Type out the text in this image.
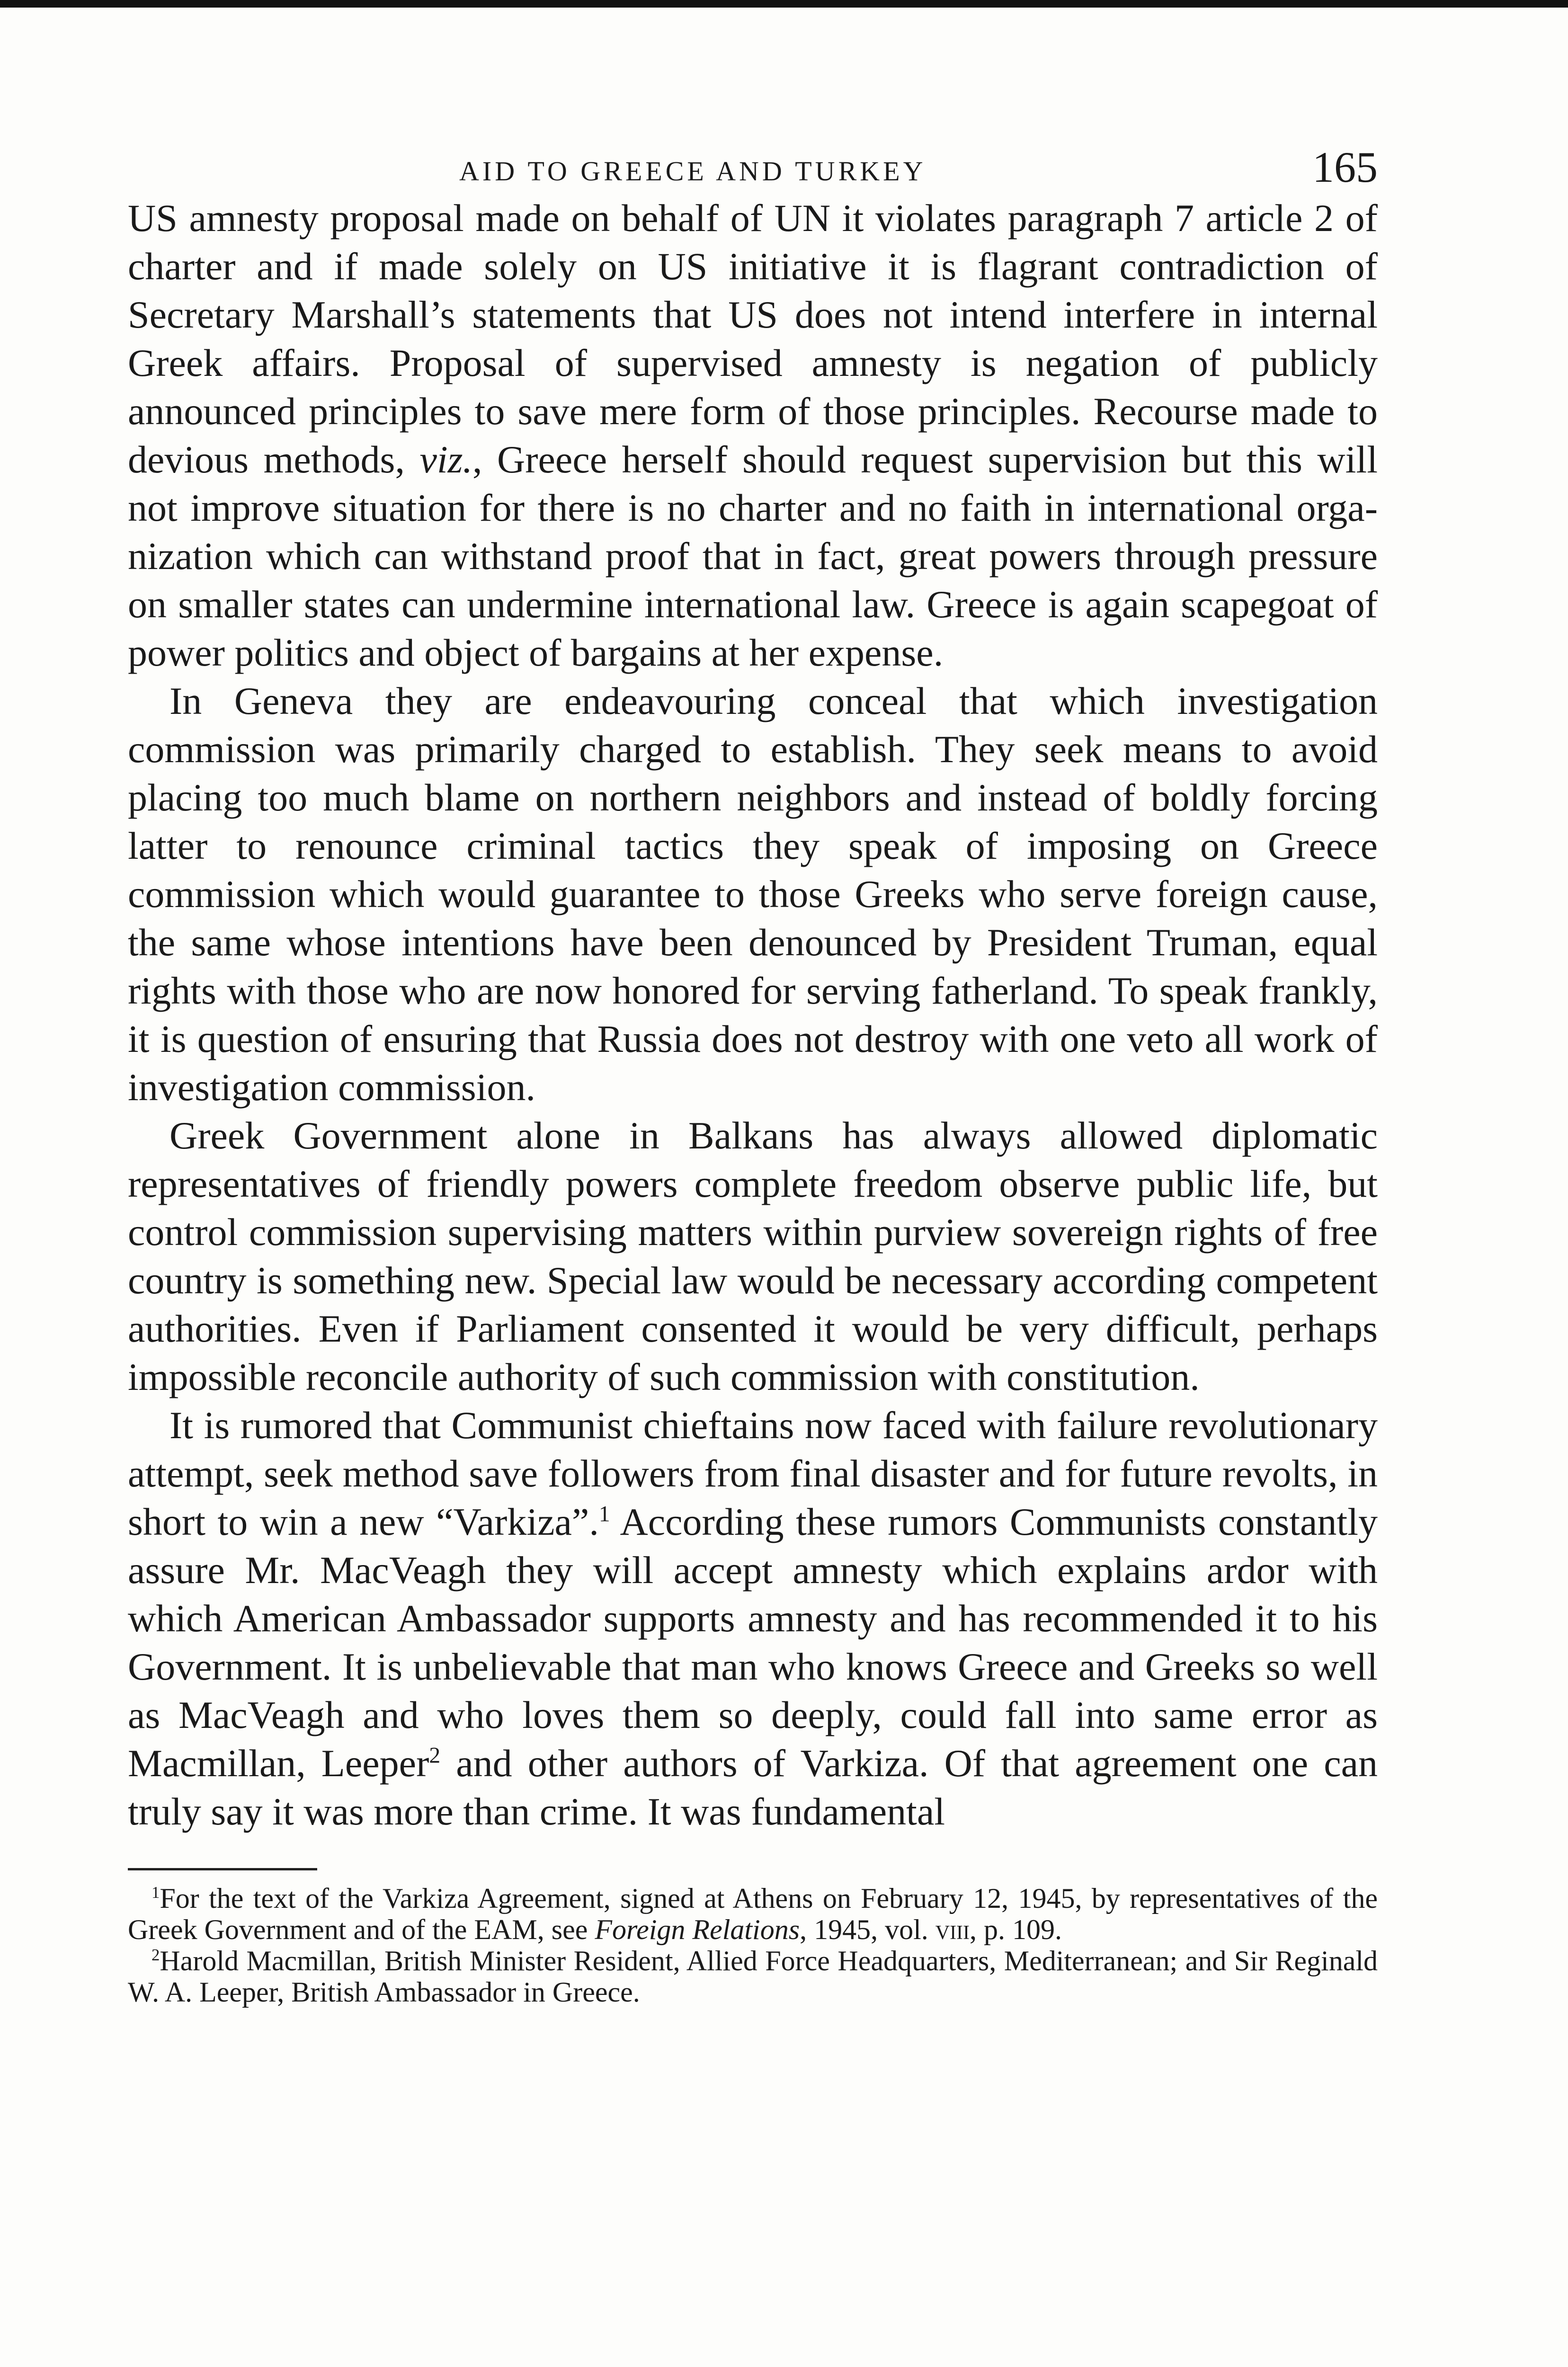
AID TO GREECE AND TURKEY	165

US amnesty proposal made on behalf of UN it violates paragraph 7 article 2 of charter and if made solely on US initiative it is flagrant contradiction of Secretary Marshall’s statements that US does not intend interfere in internal Greek affairs. Proposal of supervised amnesty is negation of publicly announced principles to save mere form of those principles. Recourse made to devious methods, viz., Greece herself should request supervision but this will not improve situation for there is no charter and no faith in international organization which can withstand proof that in fact, great powers through pressure on smaller states can undermine international law. Greece is again scapegoat of power politics and object of bargains at her expense.

In Geneva they are endeavouring conceal that which investigation commission was primarily charged to establish. They seek means to avoid placing too much blame on northern neighbors and instead of boldly forcing latter to renounce criminal tactics they speak of imposing on Greece commission which would guarantee to those Greeks who serve foreign cause, the same whose intentions have been denounced by President Truman, equal rights with those who are now honored for serving fatherland. To speak frankly, it is question of ensuring that Russia does not destroy with one veto all work of investigation commission.

Greek Government alone in Balkans has always allowed diplomatic representatives of friendly powers complete freedom observe public life, but control commission supervising matters within purview sovereign rights of free country is something new. Special law would be necessary according competent authorities. Even if Parliament consented it would be very difficult, perhaps impossible reconcile authority of such commission with constitution.

It is rumored that Communist chieftains now faced with failure revolutionary attempt, seek method save followers from final disaster and for future revolts, in short to win a new “Varkiza”.$^1$ According these rumors Communists constantly assure Mr. MacVeagh they will accept amnesty which explains ardor with which American Ambassador supports amnesty and has recommended it to his Government. It is unbelievable that man who knows Greece and Greeks so well as MacVeagh and who loves them so deeply, could fall into same error as Macmillan, Leeper$^2$ and other authors of Varkiza. Of that agreement one can truly say it was more than crime. It was fundamental

$^1$For the text of the Varkiza Agreement, signed at Athens on February 12, 1945, by representatives of the Greek Government and of the EAM, see Foreign Relations, 1945, vol. viii, p. 109.

$^2$Harold Macmillan, British Minister Resident, Allied Force Headquarters, Mediterranean; and Sir Reginald W. A. Leeper, British Ambassador in Greece.
